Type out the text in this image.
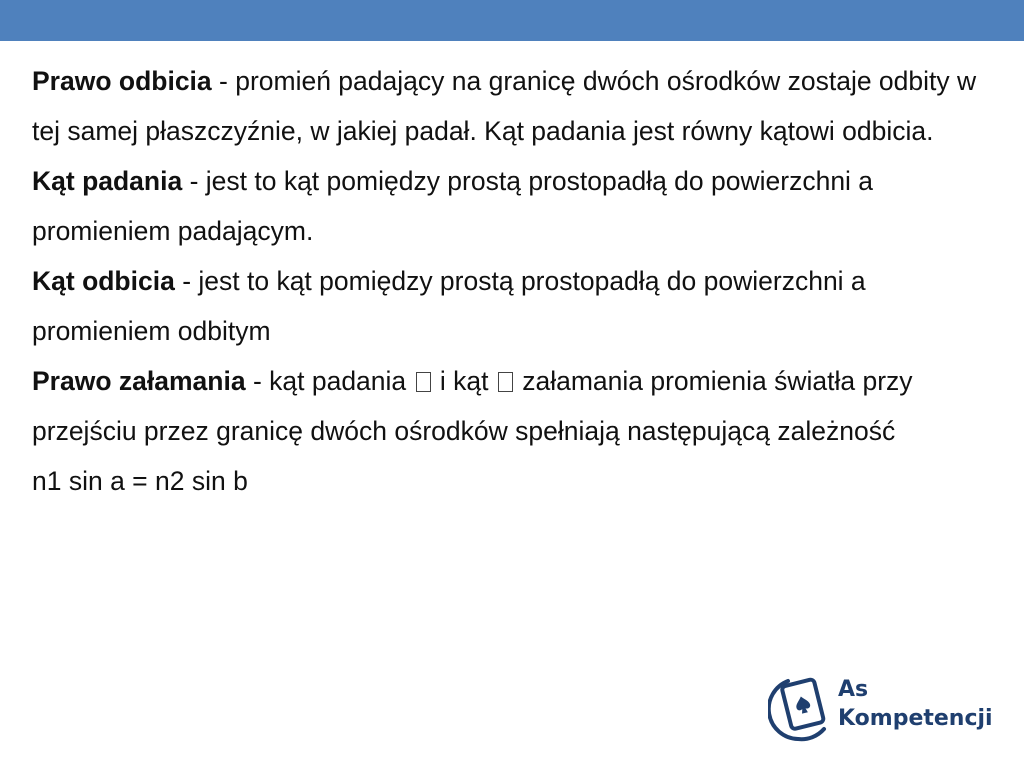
Prawo odbicia - promień padający na granicę dwóch ośrodków zostaje odbity w tej samej płaszczyźnie, w jakiej padał. Kąt padania jest równy kątowi odbicia.

Kąt padania - jest to kąt pomiędzy prostą prostopadłą do powierzchni a promieniem padającym.

Kąt odbicia - jest to kąt pomiędzy prostą prostopadłą do powierzchni a promieniem odbitym

Prawo załamania - kąt padania  i kąt  załamania promienia światła przy przejściu przez granicę dwóch ośrodków spełniają następującą zależność

n1 sin a = n2 sin b

As
Kompetencji
